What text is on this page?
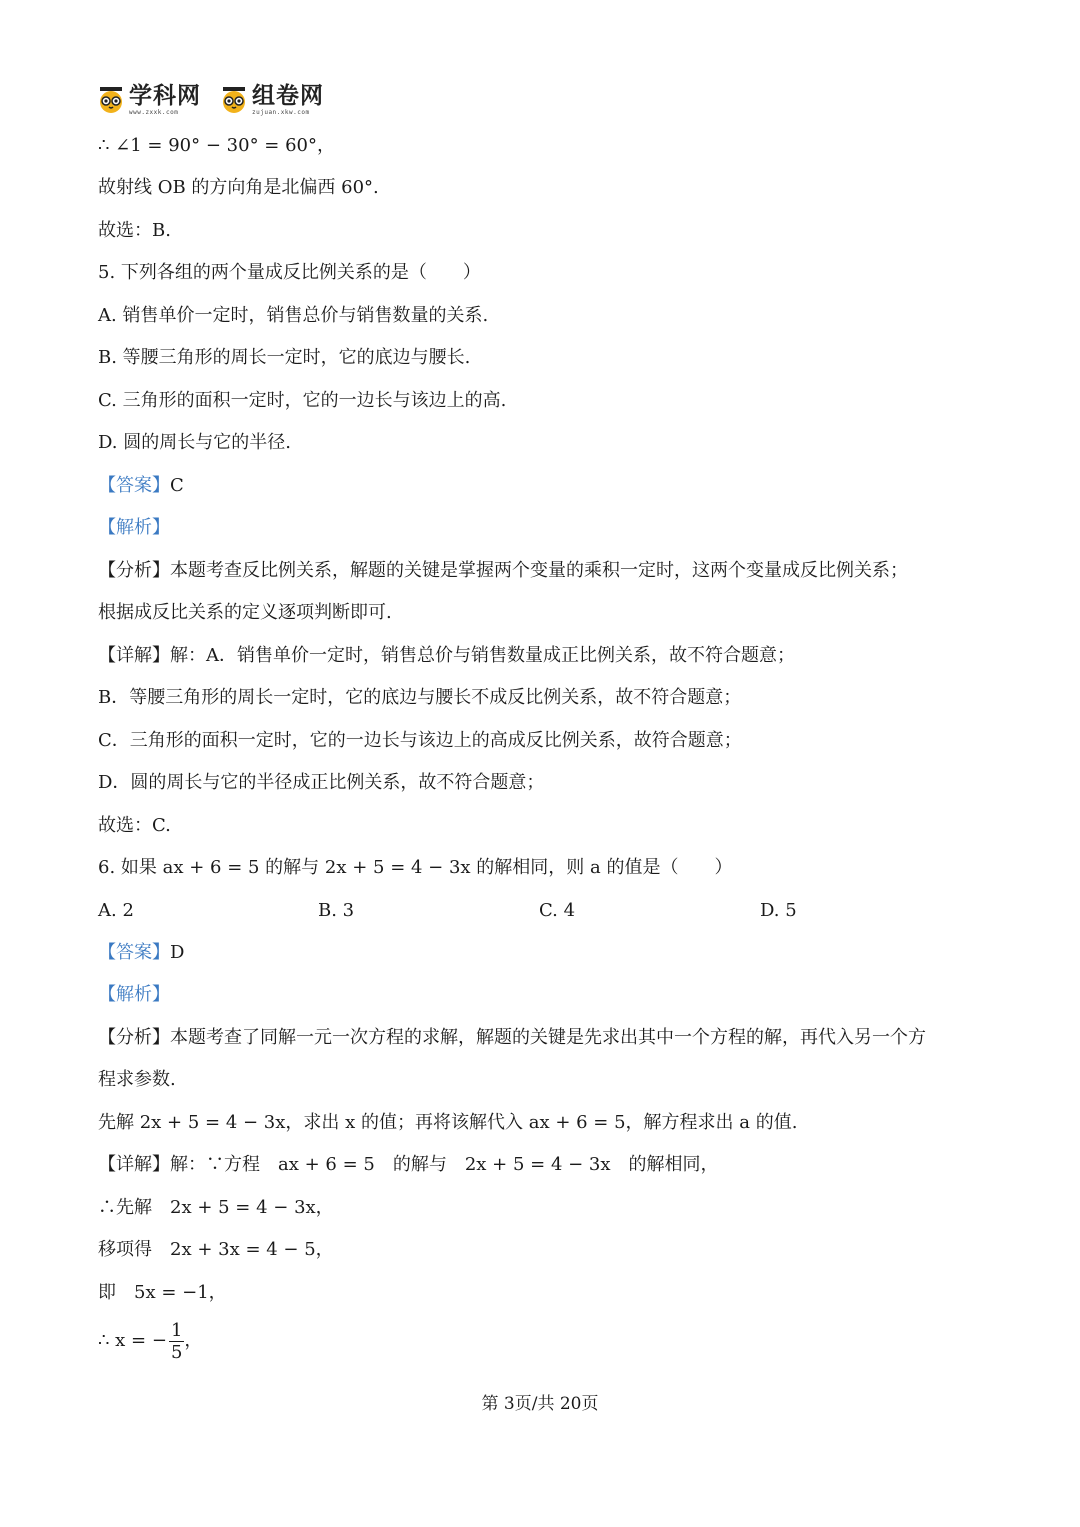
学科网
www.zxxk.com
组卷网
zujuan.xkw.com
∴ ∠1 = 90° − 30° = 60°，
故射线 OB 的方向角是北偏西 60°.
故选：B.
5. 下列各组的两个量成反比例关系的是（　　）
A. 销售单价一定时，销售总价与销售数量的关系.
B. 等腰三角形的周长一定时，它的底边与腰长.
C. 三角形的面积一定时，它的一边长与该边上的高.
D. 圆的周长与它的半径.
【答案】C
【解析】
【分析】本题考查反比例关系，解题的关键是掌握两个变量的乘积一定时，这两个变量成反比例关系；
根据成反比关系的定义逐项判断即可.
【详解】解：A．销售单价一定时，销售总价与销售数量成正比例关系，故不符合题意；
B．等腰三角形的周长一定时，它的底边与腰长不成反比例关系，故不符合题意；
C．三角形的面积一定时，它的一边长与该边上的高成反比例关系，故符合题意；
D．圆的周长与它的半径成正比例关系，故不符合题意；
故选：C.
6. 如果 ax + 6 = 5 的解与 2x + 5 = 4 − 3x 的解相同，则 a 的值是（　　）
A. 2	B. 3	C. 4	D. 5
【答案】D
【解析】
【分析】本题考查了同解一元一次方程的求解，解题的关键是先求出其中一个方程的解，再代入另一个方
程求参数.
先解 2x + 5 = 4 − 3x，求出 x 的值；再将该解代入 ax + 6 = 5，解方程求出 a 的值.
【详解】解：∵方程　ax + 6 = 5　的解与　2x + 5 = 4 − 3x　的解相同，
∴先解　2x + 5 = 4 − 3x，
移项得　2x + 3x = 4 − 5，
即　5x = −1，
∴ x = − $\frac{1}{5}$ ，
第 3页/共 20页
